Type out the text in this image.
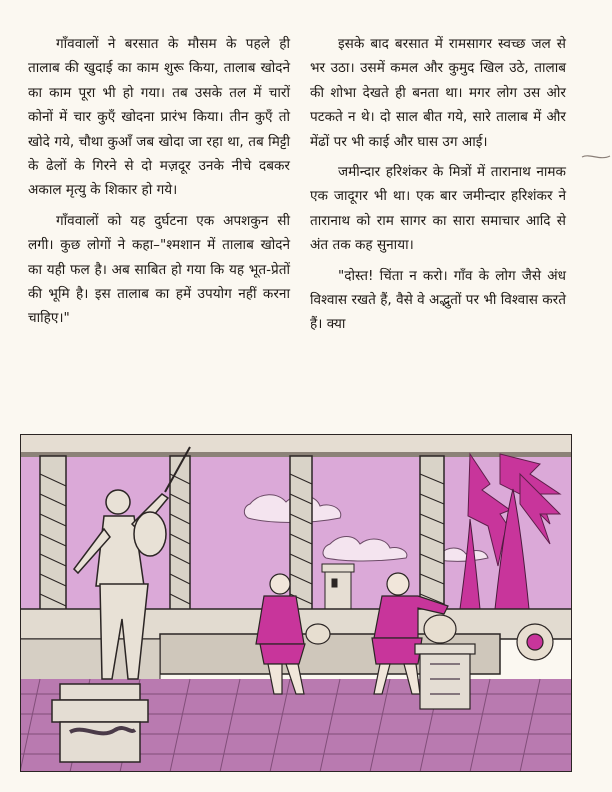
गाँववालों ने बरसात के मौसम के पहले ही तालाब की खुदाई का काम शुरू किया, तालाब खोदने का काम पूरा भी हो गया। तब उसके तल में चारों कोनों में चार कुएँ खोदना प्रारंभ किया। तीन कुएँ तो खोदे गये, चौथा कुआँ जब खोदा जा रहा था, तब मिट्टी के ढेलों के गिरने से दो मज़दूर उनके नीचे दबकर अकाल मृत्यु के शिकार हो गये।

गाँववालों को यह दुर्घटना एक अपशकुन सी लगी। कुछ लोगों ने कहा–"श्मशान में तालाब खोदने का यही फल है। अब साबित हो गया कि यह भूत-प्रेतों की भूमि है। इस तालाब का हमें उपयोग नहीं करना चाहिए।"

इसके बाद बरसात में रामसागर स्वच्छ जल से भर उठा। उसमें कमल और कुमुद खिल उठे, तालाब की शोभा देखते ही बनता था। मगर लोग उस ओर पटकते न थे। दो साल बीत गये, सारे तालाब में और मेंढों पर भी काई और घास उग आई।

जमीन्दार हरिशंकर के मित्रों में तारानाथ नामक एक जादूगर भी था। एक बार जमीन्दार हरिशंकर ने तारानाथ को राम सागर का सारा समाचार आदि से अंत तक कह सुनाया।

"दोस्त! चिंता न करो। गाँव के लोग जैसे अंध विश्वास रखते हैं, वैसे वे अद्भुतों पर भी विश्वास करते हैं। क्या
